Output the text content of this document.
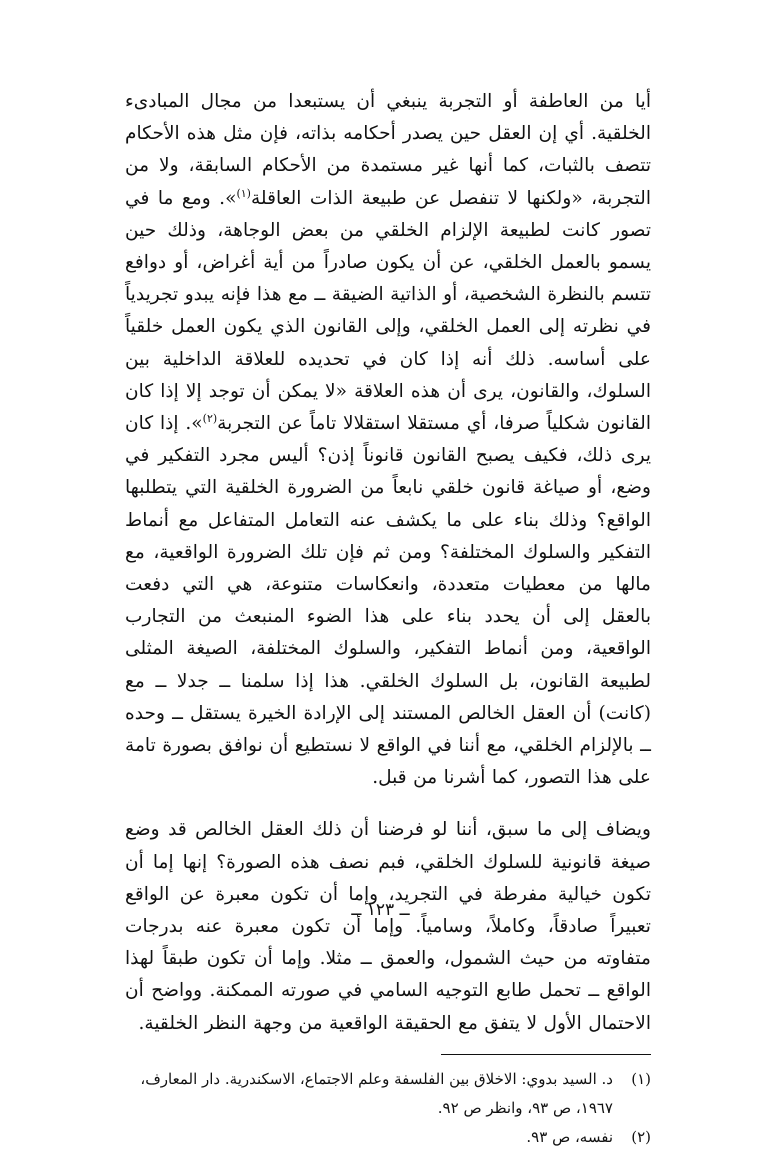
أيا من العاطفة أو التجربة ينبغي أن يستبعدا من مجال المبادىء الخلقية. أي إن العقل حين يصدر أحكامه بذاته، فإن مثل هذه الأحكام تتصف بالثبات، كما أنها غير مستمدة من الأحكام السابقة، ولا من التجربة، «ولكنها لا تنفصل عن طبيعة الذات العاقلة$^{(١)}$». ومع ما في تصور كانت لطبيعة الإلزام الخلقي من بعض الوجاهة، وذلك حين يسمو بالعمل الخلقي، عن أن يكون صادراً من أية أغراض، أو دوافع تتسم بالنظرة الشخصية، أو الذاتية الضيقة ــ مع هذا فإنه يبدو تجريدياً في نظرته إلى العمل الخلقي، وإلى القانون الذي يكون العمل خلقياً على أساسه. ذلك أنه إذا كان في تحديده للعلاقة الداخلية بين السلوك، والقانون، يرى أن هذه العلاقة «لا يمكن أن توجد إلا إذا كان القانون شكلياً صرفا، أي مستقلا استقلالا تاماً عن التجربة$^{(٢)}$». إذا كان يرى ذلك، فكيف يصبح القانون قانوناً إذن؟ أليس مجرد التفكير في وضع، أو صياغة قانون خلقي نابعاً من الضرورة الخلقية التي يتطلبها الواقع؟ وذلك بناء على ما يكشف عنه التعامل المتفاعل مع أنماط التفكير والسلوك المختلفة؟ ومن ثم فإن تلك الضرورة الواقعية، مع مالها من معطيات متعددة، وانعكاسات متنوعة، هي التي دفعت بالعقل إلى أن يحدد بناء على هذا الضوء المنبعث من التجارب الواقعية، ومن أنماط التفكير، والسلوك المختلفة، الصيغة المثلى لطبيعة القانون، بل السلوك الخلقي. هذا إذا سلمنا ــ جدلا ــ مع (كانت) أن العقل الخالص المستند إلى الإرادة الخيرة يستقل ــ وحده ــ بالإلزام الخلقي، مع أننا في الواقع لا نستطيع أن نوافق بصورة تامة على هذا التصور، كما أشرنا من قبل.

ويضاف إلى ما سبق، أننا لو فرضنا أن ذلك العقل الخالص قد وضع صيغة قانونية للسلوك الخلقي، فبم نصف هذه الصورة؟ إنها إما أن تكون خيالية مفرطة في التجريد، وإما أن تكون معبرة عن الواقع تعبيراً صادقاً، وكاملاً، وسامياً. وإما أن تكون معبرة عنه بدرجات متفاوته من حيث الشمول، والعمق ــ مثلا. وإما أن تكون طبقاً لهذا الواقع ــ تحمل طابع التوجيه السامي في صورته الممكنة. وواضح أن الاحتمال الأول لا يتفق مع الحقيقة الواقعية من وجهة النظر الخلقية.

(١)
د. السيد بدوي: الاخلاق بين الفلسفة وعلم الاجتماع، الاسكندرية. دار المعارف، ١٩٦٧، ص ٩٣، وانظر ص ٩٢.

(٢)
نفسه، ص ٩٣.

ــ ١٢٣ ــ
